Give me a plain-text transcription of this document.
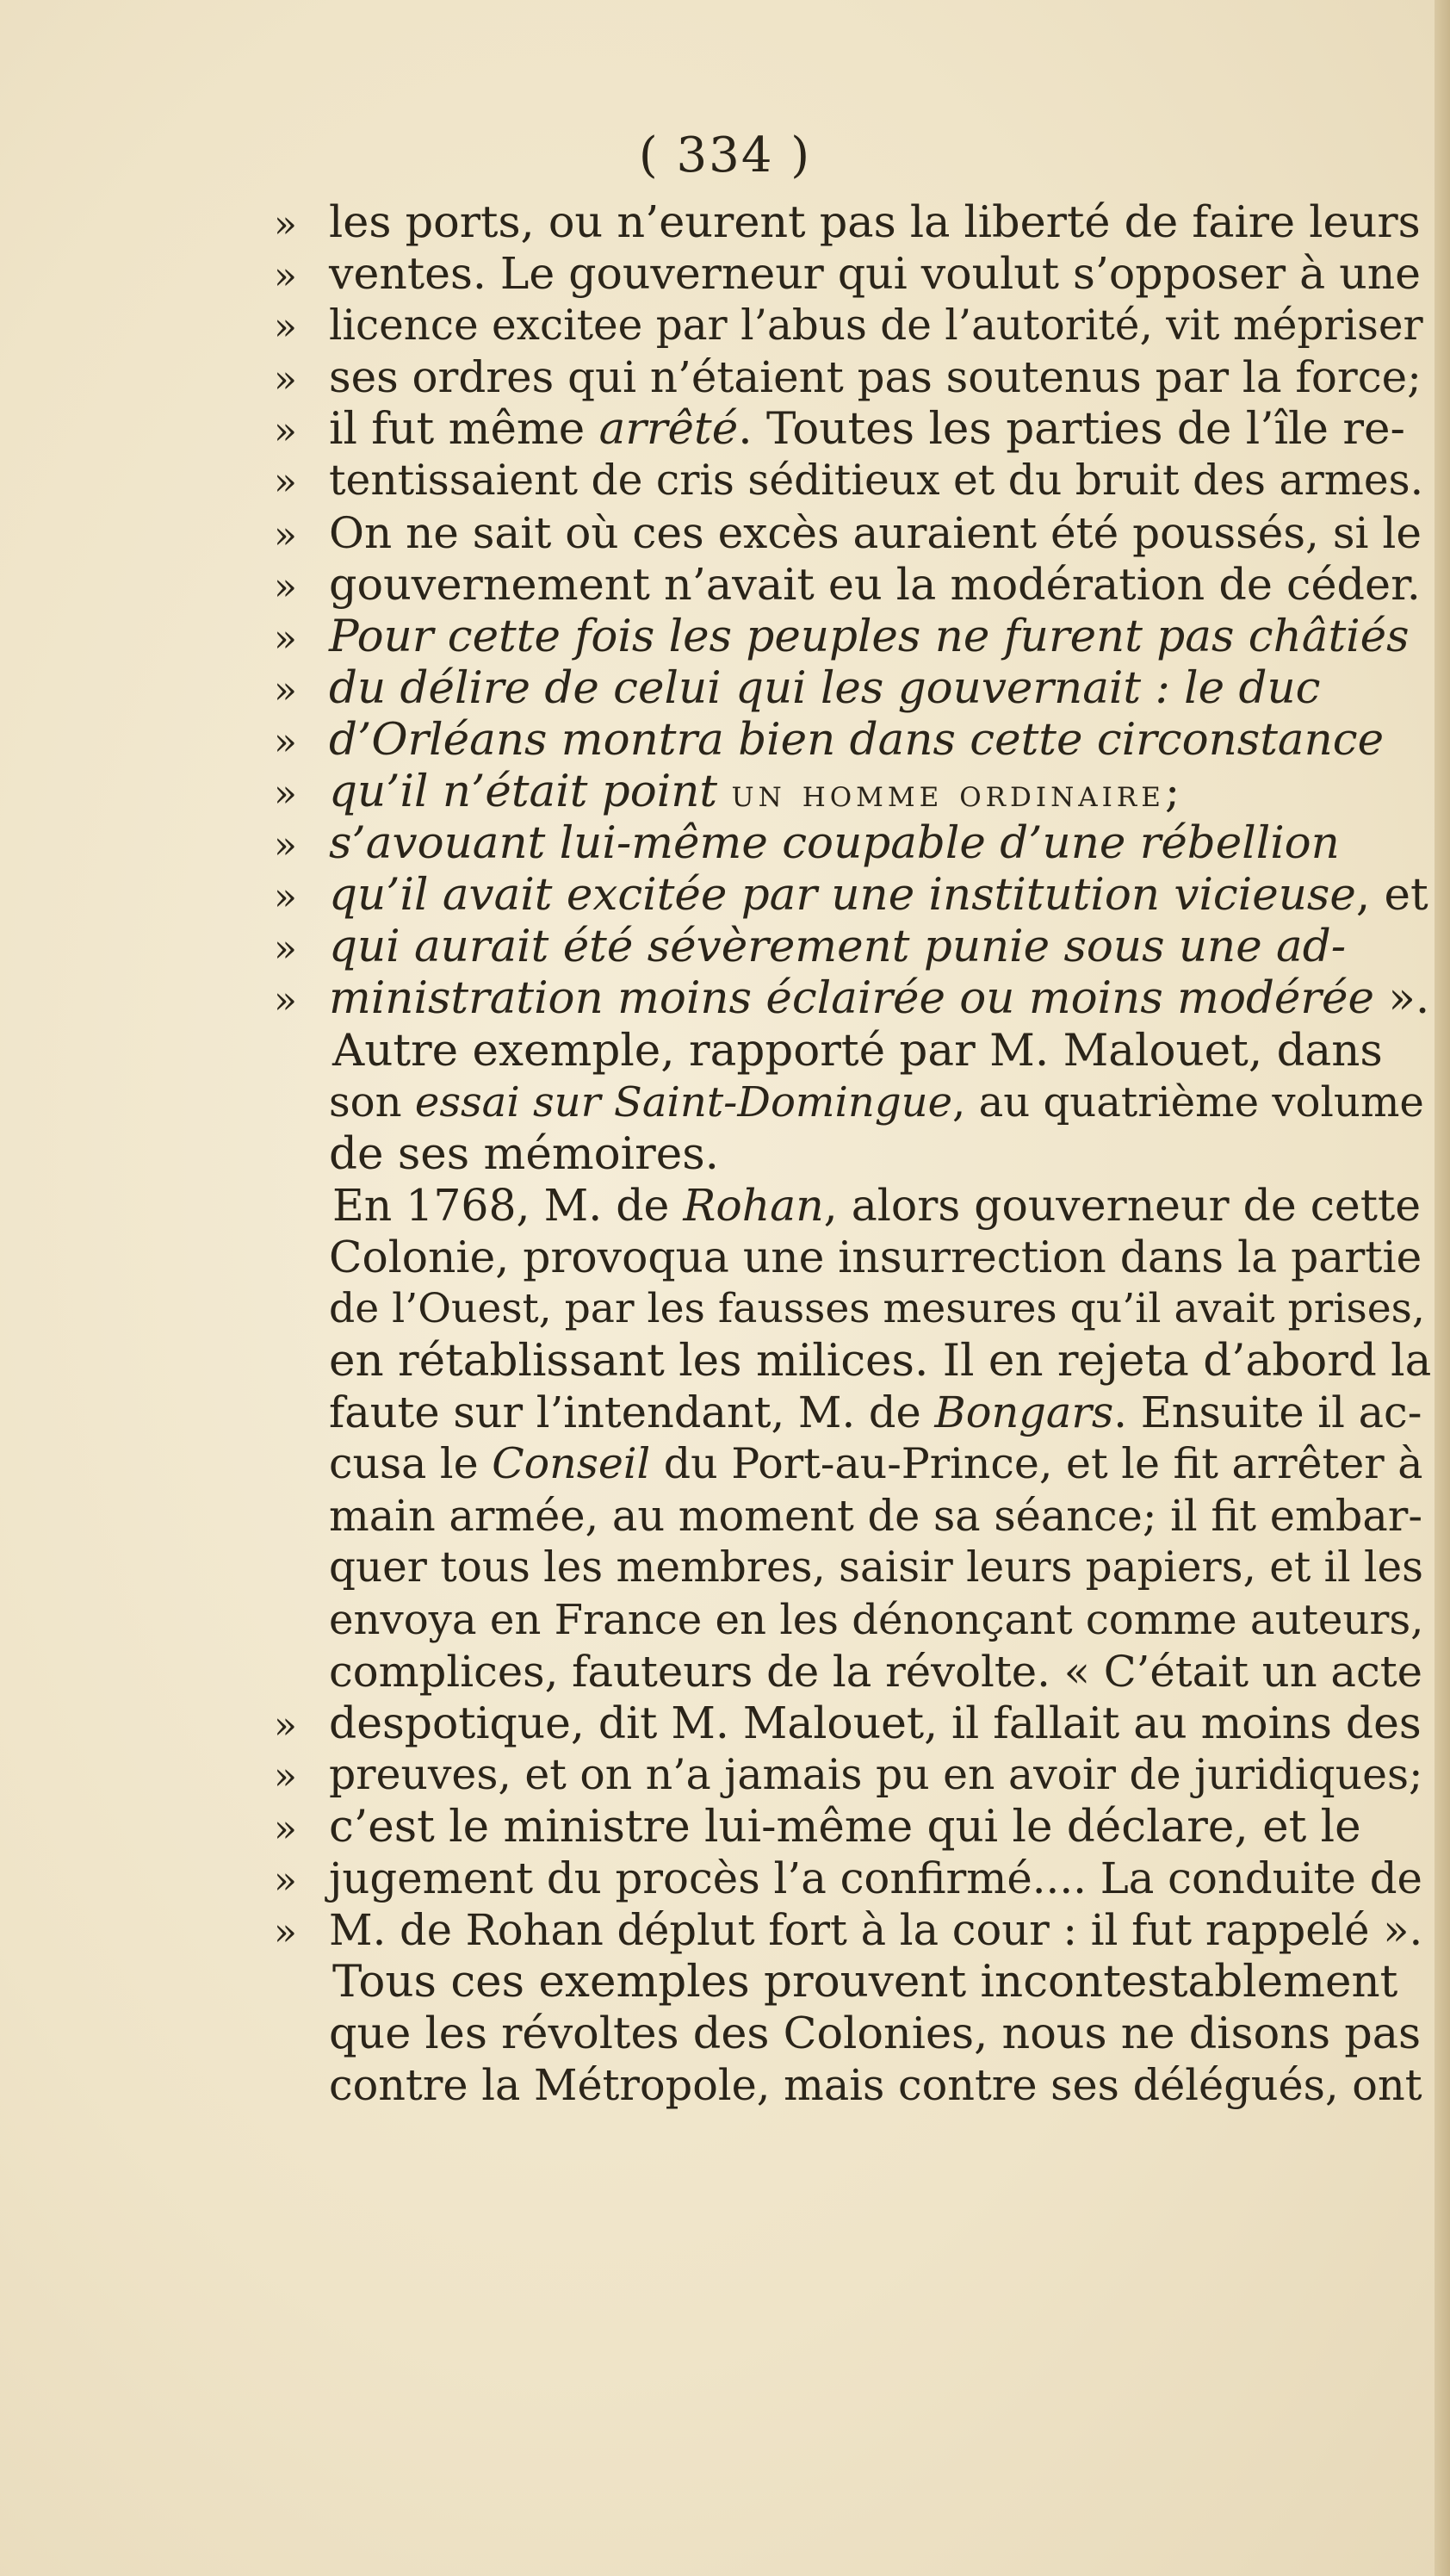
( 334 )
» les ports, ou n’eurent pas la liberté de faire leurs
» ventes. Le gouverneur qui voulut s’opposer à une
» licence excitee par l’abus de l’autorité, vit mépriser
» ses ordres qui n’étaient pas soutenus par la force;
» il fut même arrêté. Toutes les parties de l’île re-
» tentissaient de cris séditieux et du bruit des armes.
» On ne sait où ces excès auraient été poussés, si le
» gouvernement n’avait eu la modération de céder.
» Pour cette fois les peuples ne furent pas châtiés
» du délire de celui qui les gouvernait : le duc
» d’Orléans montra bien dans cette circonstance
» qu’il n’était point un homme ordinaire;
» s’avouant lui-même coupable d’une rébellion
» qu’il avait excitée par une institution vicieuse, et
» qui aurait été sévèrement punie sous une ad-
» ministration moins éclairée ou moins modérée ».
Autre exemple, rapporté par M. Malouet, dans
son essai sur Saint-Domingue, au quatrième volume
de ses mémoires.
En 1768, M. de Rohan, alors gouverneur de cette
Colonie, provoqua une insurrection dans la partie
de l’Ouest, par les fausses mesures qu’il avait prises,
en rétablissant les milices. Il en rejeta d’abord la
faute sur l’intendant, M. de Bongars. Ensuite il ac-
cusa le Conseil du Port-au-Prince, et le fit arrêter à
main armée, au moment de sa séance; il fit embar-
quer tous les membres, saisir leurs papiers, et il les
envoya en France en les dénonçant comme auteurs,
complices, fauteurs de la révolte. « C’était un acte
» despotique, dit M. Malouet, il fallait au moins des
» preuves, et on n’a jamais pu en avoir de juridiques;
» c’est le ministre lui-même qui le déclare, et le
» jugement du procès l’a confirmé.... La conduite de
» M. de Rohan déplut fort à la cour : il fut rappelé ».
Tous ces exemples prouvent incontestablement
que les révoltes des Colonies, nous ne disons pas
contre la Métropole, mais contre ses délégués, ont
